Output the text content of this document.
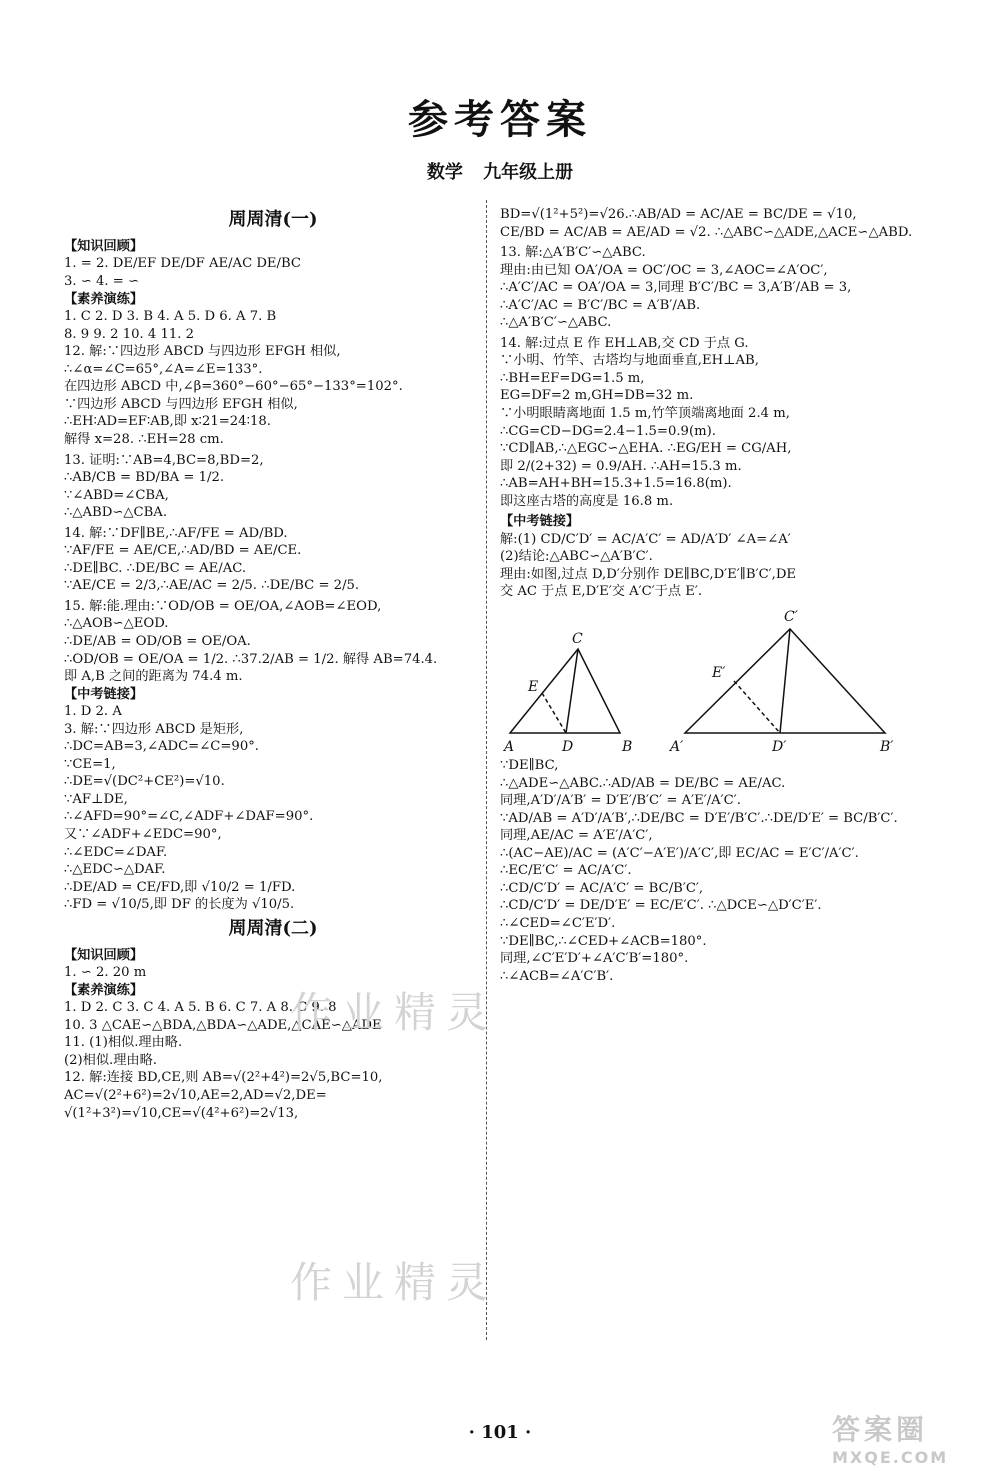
参考答案
数学 九年级上册
周周清(一)
【知识回顾】
1. = 2. DE/EF DE/DF AE/AC DE/BC
3. ∽ 4. = ∽
【素养演练】
1. C 2. D 3. B 4. A 5. D 6. A 7. B
8. 9 9. 2 10. 4 11. 2
12. 解:∵四边形 ABCD 与四边形 EFGH 相似,
∴∠α=∠C=65°,∠A=∠E=133°.
在四边形 ABCD 中,∠β=360°−60°−65°−133°=102°.
∵四边形 ABCD 与四边形 EFGH 相似,
∴EH∶AD=EF∶AB,即 x∶21=24∶18.
解得 x=28. ∴EH=28 cm.
13. 证明:∵AB=4,BC=8,BD=2,
∴AB/CB = BD/BA = 1/2.
∵∠ABD=∠CBA,
∴△ABD∽△CBA.
14. 解:∵DF∥BE,∴AF/FE = AD/BD.
∵AF/FE = AE/CE,∴AD/BD = AE/CE.
∴DE∥BC. ∴DE/BC = AE/AC.
∵AE/CE = 2/3,∴AE/AC = 2/5. ∴DE/BC = 2/5.
15. 解:能.理由:∵OD/OB = OE/OA,∠AOB=∠EOD,
∴△AOB∽△EOD.
∴DE/AB = OD/OB = OE/OA.
∴OD/OB = OE/OA = 1/2. ∴37.2/AB = 1/2. 解得 AB=74.4.
即 A,B 之间的距离为 74.4 m.
【中考链接】
1. D 2. A
3. 解:∵四边形 ABCD 是矩形,
∴DC=AB=3,∠ADC=∠C=90°.
∵CE=1,
∴DE=√(DC²+CE²)=√10.
∵AF⊥DE,
∴∠AFD=90°=∠C,∠ADF+∠DAF=90°.
又∵∠ADF+∠EDC=90°,
∴∠EDC=∠DAF.
∴△EDC∽△DAF.
∴DE/AD = CE/FD,即 √10/2 = 1/FD.
∴FD = √10/5,即 DF 的长度为 √10/5.
周周清(二)
【知识回顾】
1. ∽ 2. 20 m
【素养演练】
1. D 2. C 3. C 4. A 5. B 6. C 7. A 8. C 9. 8
10. 3 △CAE∽△BDA,△BDA∽△ADE,△CAE∽△ADE
11. (1)相似.理由略.
(2)相似.理由略.
12. 解:连接 BD,CE,则 AB=√(2²+4²)=2√5,BC=10,
AC=√(2²+6²)=2√10,AE=2,AD=√2,DE=
√(1²+3²)=√10,CE=√(4²+6²)=2√13,
BD=√(1²+5²)=√26.∴AB/AD = AC/AE = BC/DE = √10,
CE/BD = AC/AB = AE/AD = √2. ∴△ABC∽△ADE,△ACE∽△ABD.
13. 解:△A′B′C′∽△ABC.
理由:由已知 OA′/OA = OC′/OC = 3,∠AOC=∠A′OC′,
∴A′C′/AC = OA′/OA = 3,同理 B′C′/BC = 3,A′B′/AB = 3,
∴A′C′/AC = B′C′/BC = A′B′/AB.
∴△A′B′C′∽△ABC.
14. 解:过点 E 作 EH⊥AB,交 CD 于点 G.
∵小明、竹竿、古塔均与地面垂直,EH⊥AB,
∴BH=EF=DG=1.5 m,
EG=DF=2 m,GH=DB=32 m.
∵小明眼睛离地面 1.5 m,竹竿顶端离地面 2.4 m,
∴CG=CD−DG=2.4−1.5=0.9(m).
∵CD∥AB,∴△EGC∽△EHA. ∴EG/EH = CG/AH,
即 2/(2+32) = 0.9/AH. ∴AH=15.3 m.
∴AB=AH+BH=15.3+1.5=16.8(m).
即这座古塔的高度是 16.8 m.
【中考链接】
解:(1) CD/C′D′ = AC/A′C′ = AD/A′D′ ∠A=∠A′
(2)结论:△ABC∽△A′B′C′.
理由:如图,过点 D,D′分别作 DE∥BC,D′E′∥B′C′,DE
交 AC 于点 E,D′E′交 A′C′于点 E′.
A	B
C
D
E
A′	B′
C′
D′
E′
∵DE∥BC,
∴△ADE∽△ABC.∴AD/AB = DE/BC = AE/AC.
同理,A′D′/A′B′ = D′E′/B′C′ = A′E′/A′C′.
∵AD/AB = A′D′/A′B′,∴DE/BC = D′E′/B′C′.∴DE/D′E′ = BC/B′C′.
同理,AE/AC = A′E′/A′C′,
∴(AC−AE)/AC = (A′C′−A′E′)/A′C′,即 EC/AC = E′C′/A′C′.
∴EC/E′C′ = AC/A′C′.
∴CD/C′D′ = AC/A′C′ = BC/B′C′,
∴CD/C′D′ = DE/D′E′ = EC/E′C′. ∴△DCE∽△D′C′E′.
∴∠CED=∠C′E′D′.
∵DE∥BC,∴∠CED+∠ACB=180°.
同理,∠C′E′D′+∠A′C′B′=180°.
∴∠ACB=∠A′C′B′.
作业精灵
作业精灵
· 101 ·	答案圈
MXQE.COM
